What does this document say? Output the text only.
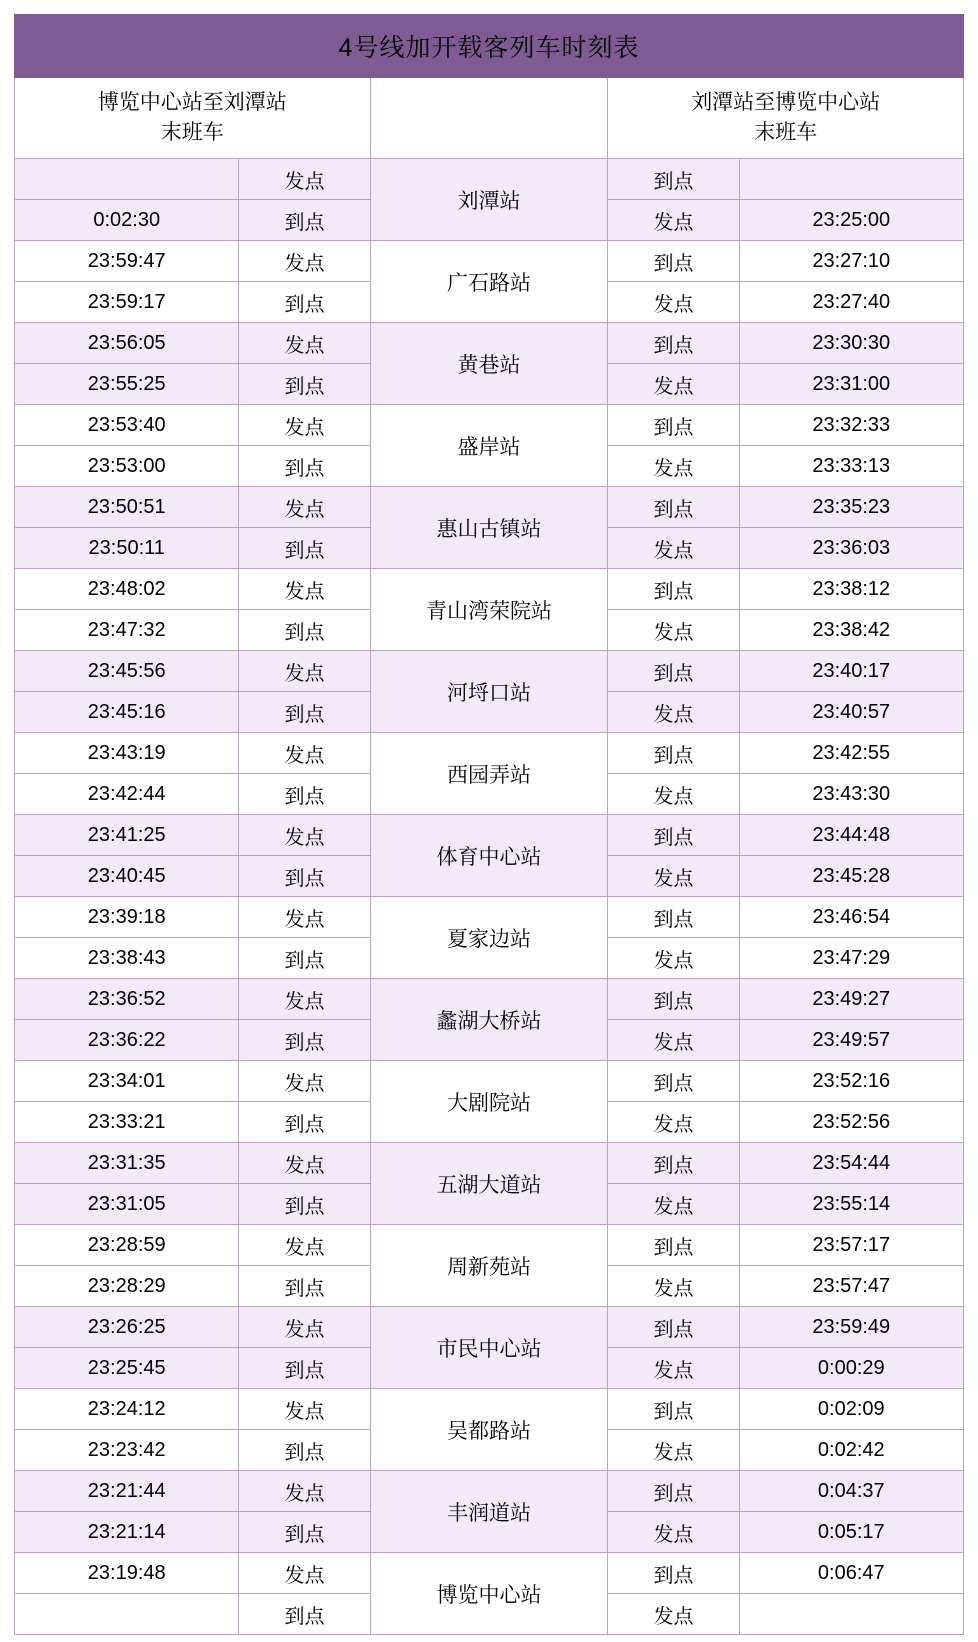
4号线加开载客列车时刻表				

博览中心站至刘潭站
末班车

刘潭站至博览中心站
末班车

	发点	刘潭站	到点	
0:02:30	到点		发点	23:25:00
23:59:47	发点	广石路站	到点	23:27:10
23:59:17	到点		发点	23:27:40
23:56:05	发点	黄巷站	到点	23:30:30
23:55:25	到点		发点	23:31:00
23:53:40	发点	盛岸站	到点	23:32:33
23:53:00	到点		发点	23:33:13
23:50:51	发点	惠山古镇站	到点	23:35:23
23:50:11	到点		发点	23:36:03
23:48:02	发点	青山湾荣院站	到点	23:38:12
23:47:32	到点		发点	23:38:42
23:45:56	发点	河埒口站	到点	23:40:17
23:45:16	到点		发点	23:40:57
23:43:19	发点	西园弄站	到点	23:42:55
23:42:44	到点		发点	23:43:30
23:41:25	发点	体育中心站	到点	23:44:48
23:40:45	到点		发点	23:45:28
23:39:18	发点	夏家边站	到点	23:46:54
23:38:43	到点		发点	23:47:29
23:36:52	发点	蠡湖大桥站	到点	23:49:27
23:36:22	到点		发点	23:49:57
23:34:01	发点	大剧院站	到点	23:52:16
23:33:21	到点		发点	23:52:56
23:31:35	发点	五湖大道站	到点	23:54:44
23:31:05	到点		发点	23:55:14
23:28:59	发点	周新苑站	到点	23:57:17
23:28:29	到点		发点	23:57:47
23:26:25	发点	市民中心站	到点	23:59:49
23:25:45	到点		发点	0:00:29
23:24:12	发点	吴都路站	到点	0:02:09
23:23:42	到点		发点	0:02:42
23:21:44	发点	丰润道站	到点	0:04:37
23:21:14	到点		发点	0:05:17
23:19:48	发点	博览中心站	到点	0:06:47
	到点		发点	
